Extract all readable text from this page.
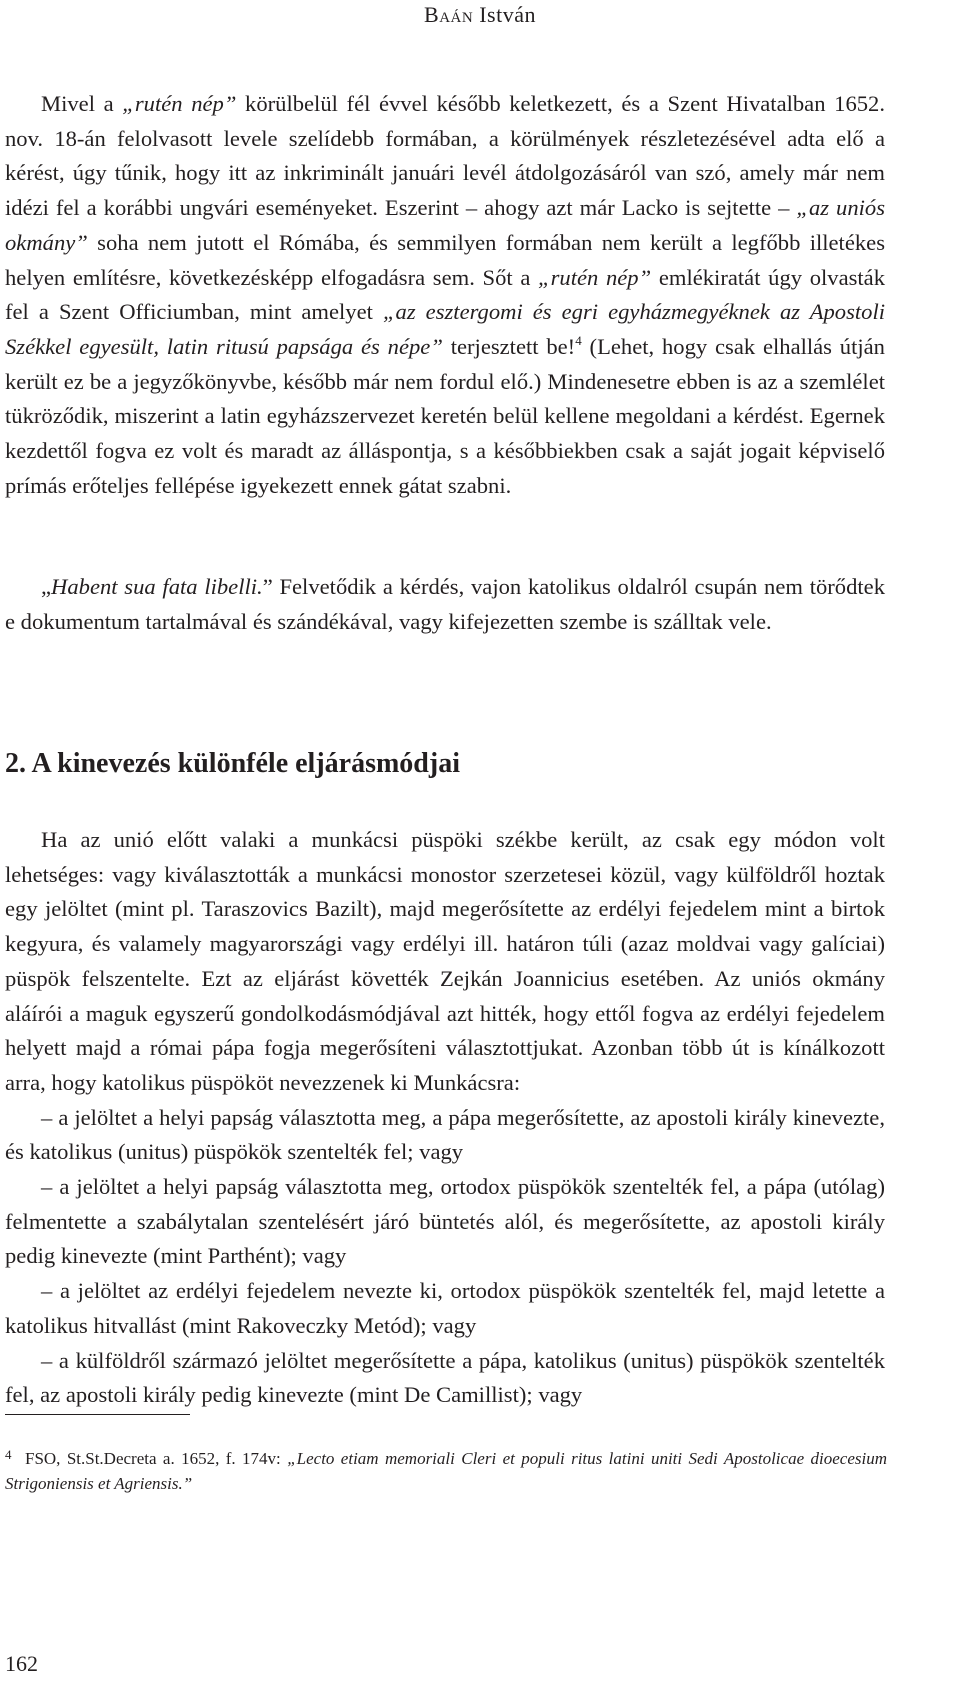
Baán István

Mivel a „rutén nép” körülbelül fél évvel később keletkezett, és a Szent Hivatalban 1652. nov. 18-án felolvasott levele szelídebb formában, a körülmények részletezésével adta elő a kérést, úgy tűnik, hogy itt az inkriminált januári levél átdolgozásáról van szó, amely már nem idézi fel a korábbi ungvári eseményeket. Eszerint – ahogy azt már Lacko is sejtette – „az uniós okmány” soha nem jutott el Rómába, és semmilyen formában nem került a legfőbb illetékes helyen említésre, következésképp elfogadásra sem. Sőt a „rutén nép” emlékiratát úgy olvasták fel a Szent Officiumban, mint amelyet „az esztergomi és egri egyházmegyéknek az Apostoli Székkel egyesült, latin ritusú papsága és népe” terjesztett be!$^4$ (Lehet, hogy csak elhallás útján került ez be a jegyzőkönyvbe, később már nem fordul elő.) Mindenesetre ebben is az a szemlélet tükröződik, miszerint a latin egyházszervezet keretén belül kellene megoldani a kérdést. Egernek kezdettől fogva ez volt és maradt az álláspontja, s a későbbiekben csak a saját jogait képviselő prímás erőteljes fellépése igyekezett ennek gátat szabni.

„Habent sua fata libelli.” Felvetődik a kérdés, vajon katolikus oldalról csupán nem törődtek e dokumentum tartalmával és szándékával, vagy kifejezetten szembe is szálltak vele.

2. A kinevezés különféle eljárásmódjai

Ha az unió előtt valaki a munkácsi püspöki székbe került, az csak egy módon volt lehetséges: vagy kiválasztották a munkácsi monostor szerzetesei közül, vagy külföldről hoztak egy jelöltet (mint pl. Taraszovics Bazilt), majd megerősítette az erdélyi fejedelem mint a birtok kegyura, és valamely magyarországi vagy erdélyi ill. határon túli (azaz moldvai vagy galíciai) püspök felszentelte. Ezt az eljárást követték Zejkán Joannicius esetében. Az uniós okmány aláírói a maguk egyszerű gondolkodásmódjával azt hitték, hogy ettől fogva az erdélyi fejedelem helyett majd a római pápa fogja megerősíteni választottjukat. Azonban több út is kínálkozott arra, hogy katolikus püspököt nevezzenek ki Munkácsra:

– a jelöltet a helyi papság választotta meg, a pápa megerősítette, az apostoli király kinevezte, és katolikus (unitus) püspökök szentelték fel; vagy

– a jelöltet a helyi papság választotta meg, ortodox püspökök szentelték fel, a pápa (utólag) felmentette a szabálytalan szentelésért járó büntetés alól, és megerősítette, az apostoli király pedig kinevezte (mint Parthént); vagy

– a jelöltet az erdélyi fejedelem nevezte ki, ortodox püspökök szentelték fel, majd letette a katolikus hitvallást (mint Rakoveczky Metód); vagy

– a külföldről származó jelöltet megerősítette a pápa, katolikus (unitus) püspökök szentelték fel, az apostoli király pedig kinevezte (mint De Camillist); vagy

4 FSO, St.St.Decreta a. 1652, f. 174v: „Lecto etiam memoriali Cleri et populi ritus latini uniti Sedi Apostolicae dioecesium Strigoniensis et Agriensis.”
162
